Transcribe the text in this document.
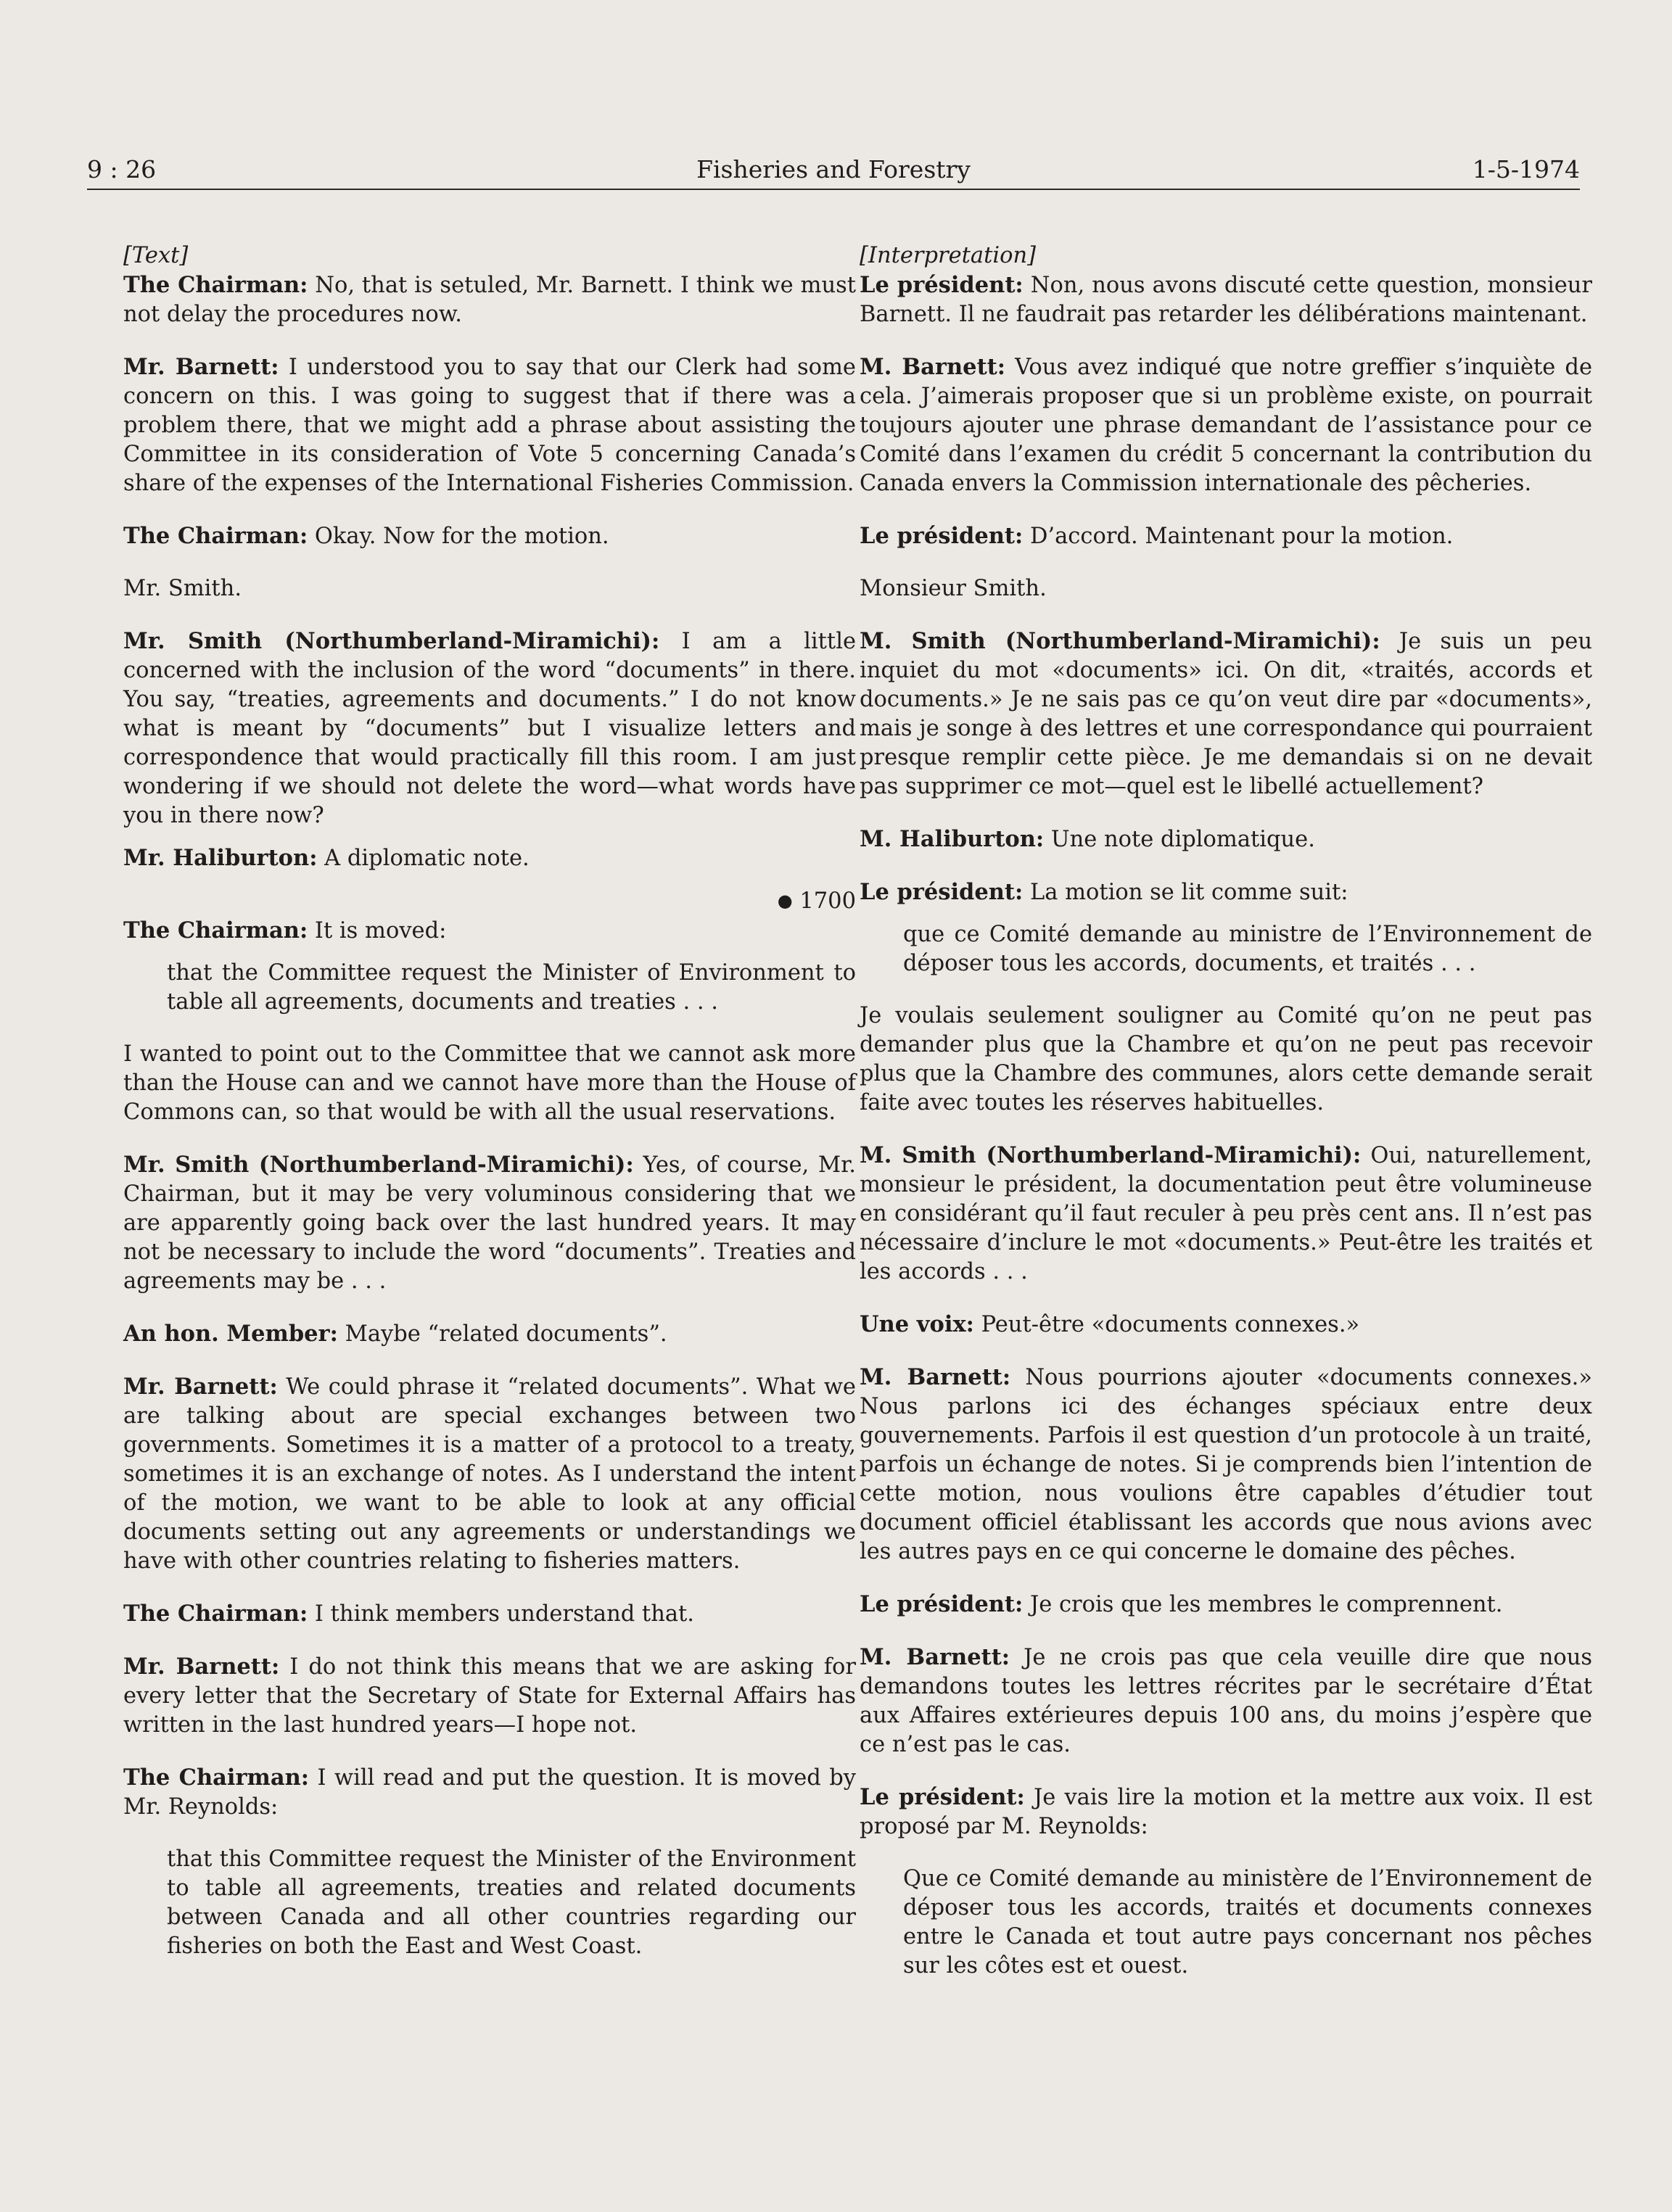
9 : 26	Fisheries and Forestry	1-5-1974

[Text]

The Chairman: No, that is setuled, Mr. Barnett. I think we must not delay the procedures now.

Mr. Barnett: I understood you to say that our Clerk had some concern on this. I was going to suggest that if there was a problem there, that we might add a phrase about assisting the Committee in its consideration of Vote 5 concerning Canada’s share of the expenses of the International Fisheries Commission.

The Chairman: Okay. Now for the motion.

Mr. Smith.

Mr. Smith (Northumberland-Miramichi): I am a little concerned with the inclusion of the word “documents” in there. You say, “treaties, agreements and documents.” I do not know what is meant by “documents” but I visualize letters and correspondence that would practically fill this room. I am just wondering if we should not delete the word—what words have you in there now?

Mr. Haliburton: A diplomatic note.

● 1700

The Chairman: It is moved:

that the Committee request the Minister of Environment to table all agreements, documents and treaties . . .

I wanted to point out to the Committee that we cannot ask more than the House can and we cannot have more than the House of Commons can, so that would be with all the usual reservations.

Mr. Smith (Northumberland-Miramichi): Yes, of course, Mr. Chairman, but it may be very voluminous considering that we are apparently going back over the last hundred years. It may not be necessary to include the word “documents”. Treaties and agreements may be . . .

An hon. Member: Maybe “related documents”.

Mr. Barnett: We could phrase it “related documents”. What we are talking about are special exchanges between two governments. Sometimes it is a matter of a protocol to a treaty, sometimes it is an exchange of notes. As I understand the intent of the motion, we want to be able to look at any official documents setting out any agreements or understandings we have with other countries relating to fisheries matters.

The Chairman: I think members understand that.

Mr. Barnett: I do not think this means that we are asking for every letter that the Secretary of State for External Affairs has written in the last hundred years—I hope not.

The Chairman: I will read and put the question. It is moved by Mr. Reynolds:

that this Committee request the Minister of the Environment to table all agreements, treaties and related documents between Canada and all other countries regarding our fisheries on both the East and West Coast.

[Interpretation]

Le président: Non, nous avons discuté cette question, monsieur Barnett. Il ne faudrait pas retarder les délibérations maintenant.

M. Barnett: Vous avez indiqué que notre greffier s’inquiète de cela. J’aimerais proposer que si un problème existe, on pourrait toujours ajouter une phrase demandant de l’assistance pour ce Comité dans l’examen du crédit 5 concernant la contribution du Canada envers la Commission internationale des pêcheries.

Le président: D’accord. Maintenant pour la motion.

Monsieur Smith.

M. Smith (Northumberland-Miramichi): Je suis un peu inquiet du mot «documents» ici. On dit, «traités, accords et documents.» Je ne sais pas ce qu’on veut dire par «documents», mais je songe à des lettres et une correspondance qui pourraient presque remplir cette pièce. Je me demandais si on ne devait pas supprimer ce mot—quel est le libellé actuellement?

M. Haliburton: Une note diplomatique.

Le président: La motion se lit comme suit:

que ce Comité demande au ministre de l’Environnement de déposer tous les accords, documents, et traités . . .

Je voulais seulement souligner au Comité qu’on ne peut pas demander plus que la Chambre et qu’on ne peut pas recevoir plus que la Chambre des communes, alors cette demande serait faite avec toutes les réserves habituelles.

M. Smith (Northumberland-Miramichi): Oui, naturellement, monsieur le président, la documentation peut être volumineuse en considérant qu’il faut reculer à peu près cent ans. Il n’est pas nécessaire d’inclure le mot «documents.» Peut-être les traités et les accords . . .

Une voix: Peut-être «documents connexes.»

M. Barnett: Nous pourrions ajouter «documents connexes.» Nous parlons ici des échanges spéciaux entre deux gouvernements. Parfois il est question d’un protocole à un traité, parfois un échange de notes. Si je comprends bien l’intention de cette motion, nous voulions être capables d’étudier tout document officiel établissant les accords que nous avions avec les autres pays en ce qui concerne le domaine des pêches.

Le président: Je crois que les membres le comprennent.

M. Barnett: Je ne crois pas que cela veuille dire que nous demandons toutes les lettres récrites par le secrétaire d’État aux Affaires extérieures depuis 100 ans, du moins j’espère que ce n’est pas le cas.

Le président: Je vais lire la motion et la mettre aux voix. Il est proposé par M. Reynolds:

Que ce Comité demande au ministère de l’Environnement de déposer tous les accords, traités et documents connexes entre le Canada et tout autre pays concernant nos pêches sur les côtes est et ouest.
